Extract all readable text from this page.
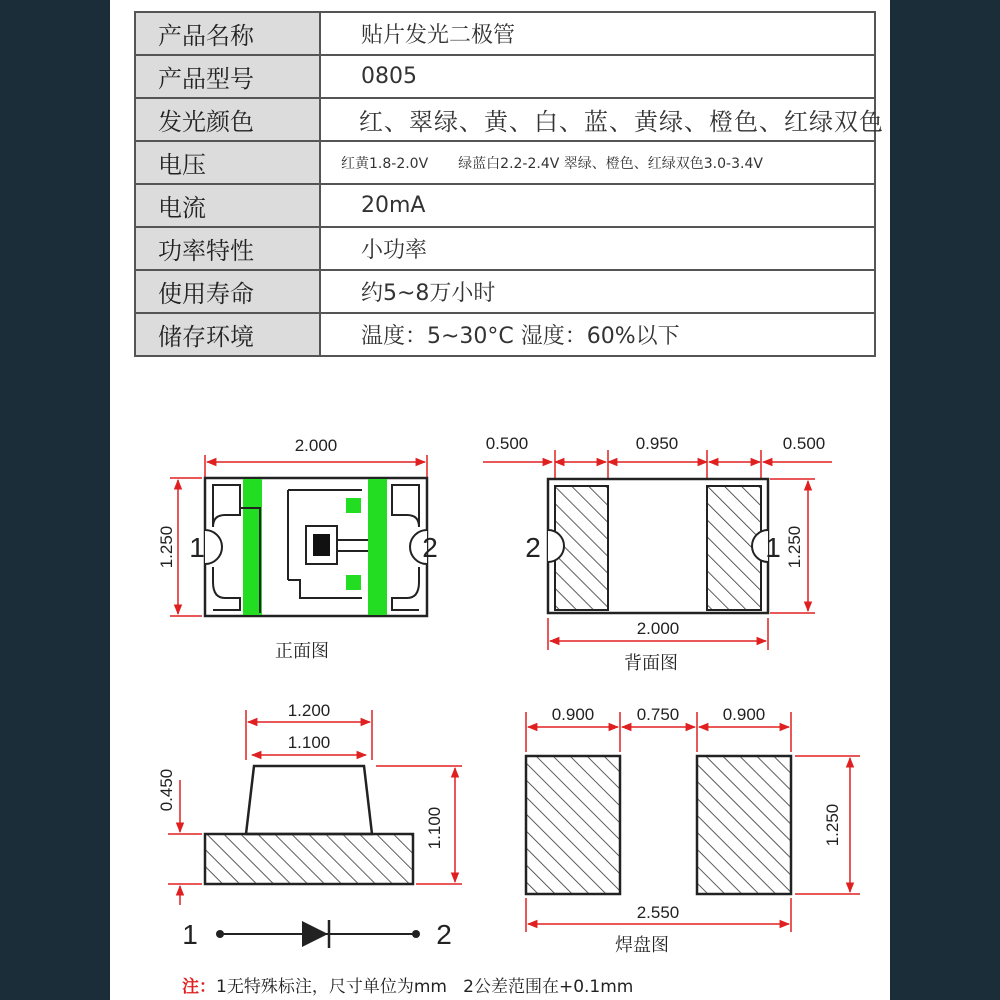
产品名称	贴片发光二极管
产品型号	0805
发光颜色	红、翠绿、黄、白、蓝、黄绿、橙色、红绿双色
电压	红黄1.8-2.0V 绿蓝白2.2-2.4V 翠绿、橙色、红绿双色3.0-3.4V
电流	20mA
功率特性	小功率
使用寿命	约5~8万小时
储存环境	温度：5~30°C 湿度：60%以下
2.000
1.250 1	2
正面图
0.500	0.950	0.500
2	1 1.250
2.000
背面图
1.200
1.100
0.450
1.100
1	2
0.900 0.750	0.900
1.250
2.550
焊盘图
注：1无特殊标注，尺寸单位为mm   2公差范围在+0.1mm
